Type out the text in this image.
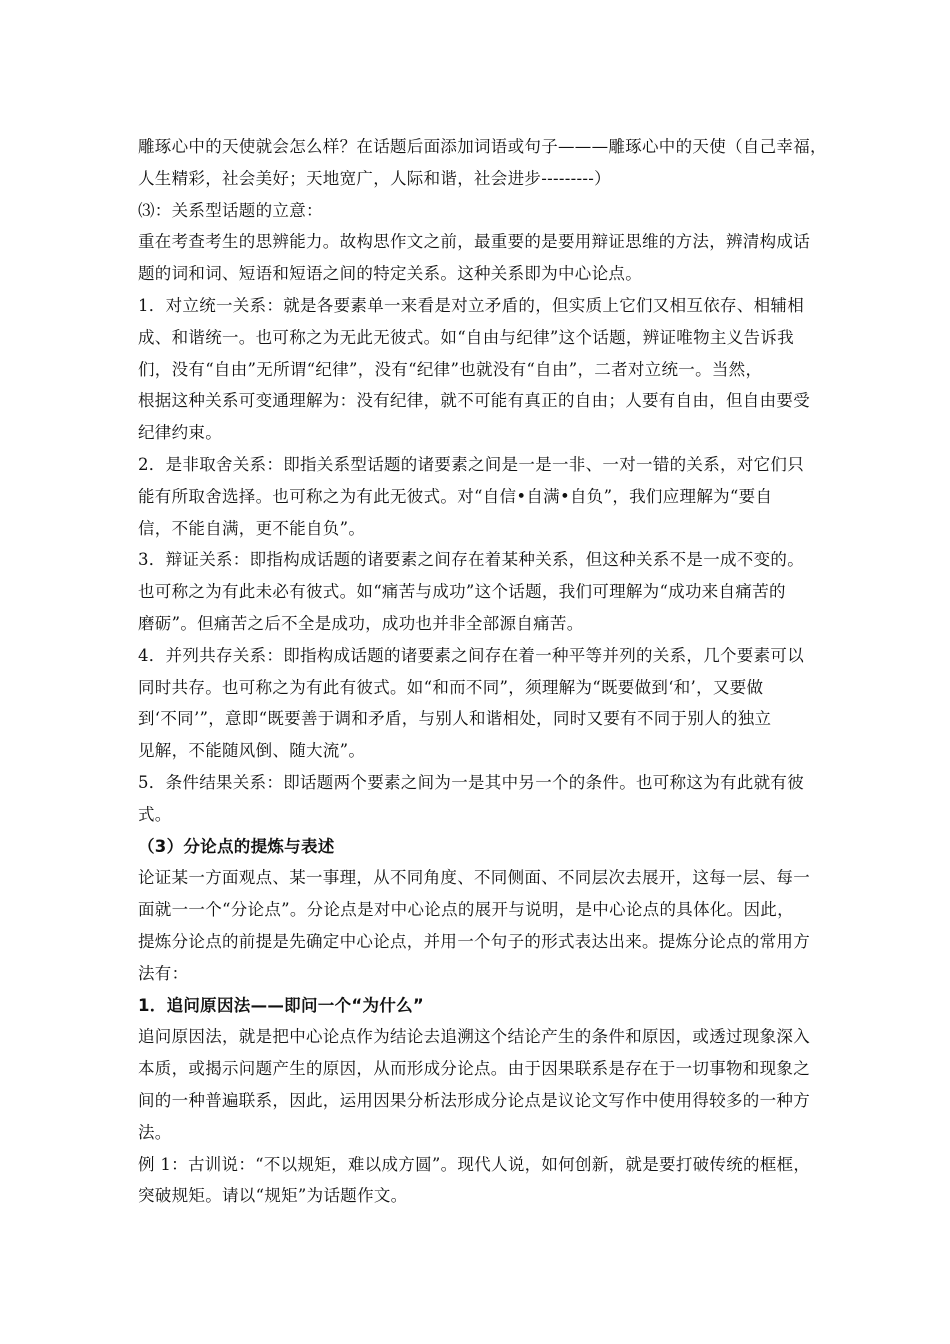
雕琢心中的天使就会怎么样？在话题后面添加词语或句子———雕琢心中的天使（自己幸福，
人生精彩，社会美好；天地宽广，人际和谐，社会进步---------）
⑶：关系型话题的立意：
重在考查考生的思辨能力。故构思作文之前，最重要的是要用辩证思维的方法，辨清构成话
题的词和词、短语和短语之间的特定关系。这种关系即为中心论点。
1．对立统一关系：就是各要素单一来看是对立矛盾的，但实质上它们又相互依存、相辅相
成、和谐统一。也可称之为无此无彼式。如“自由与纪律”这个话题，辨证唯物主义告诉我
们，没有“自由”无所谓“纪律”，没有“纪律”也就没有“自由”，二者对立统一。当然，
根据这种关系可变通理解为：没有纪律，就不可能有真正的自由；人要有自由，但自由要受
纪律约束。
2．是非取舍关系：即指关系型话题的诸要素之间是一是一非、一对一错的关系，对它们只
能有所取舍选择。也可称之为有此无彼式。对“自信•自满•自负”，我们应理解为“要自
信，不能自满，更不能自负”。
3．辩证关系：即指构成话题的诸要素之间存在着某种关系，但这种关系不是一成不变的。
也可称之为有此未必有彼式。如“痛苦与成功”这个话题，我们可理解为“成功来自痛苦的
磨砺”。但痛苦之后不全是成功，成功也并非全部源自痛苦。
4．并列共存关系：即指构成话题的诸要素之间存在着一种平等并列的关系，几个要素可以
同时共存。也可称之为有此有彼式。如“和而不同”，须理解为“既要做到‘和’，又要做
到‘不同’”，意即“既要善于调和矛盾，与别人和谐相处，同时又要有不同于别人的独立
见解，不能随风倒、随大流”。
5．条件结果关系：即话题两个要素之间为一是其中另一个的条件。也可称这为有此就有彼
式。
（3）分论点的提炼与表述
论证某一方面观点、某一事理，从不同角度、不同侧面、不同层次去展开，这每一层、每一
面就一一个“分论点”。分论点是对中心论点的展开与说明，是中心论点的具体化。因此，
提炼分论点的前提是先确定中心论点，并用一个句子的形式表达出来。提炼分论点的常用方
法有：
1．追问原因法——即问一个“为什么”
追问原因法，就是把中心论点作为结论去追溯这个结论产生的条件和原因，或透过现象深入
本质，或揭示问题产生的原因，从而形成分论点。由于因果联系是存在于一切事物和现象之
间的一种普遍联系，因此，运用因果分析法形成分论点是议论文写作中使用得较多的一种方
法。
例 1：古训说：“不以规矩，难以成方圆”。现代人说，如何创新，就是要打破传统的框框，
突破规矩。请以“规矩”为话题作文。
